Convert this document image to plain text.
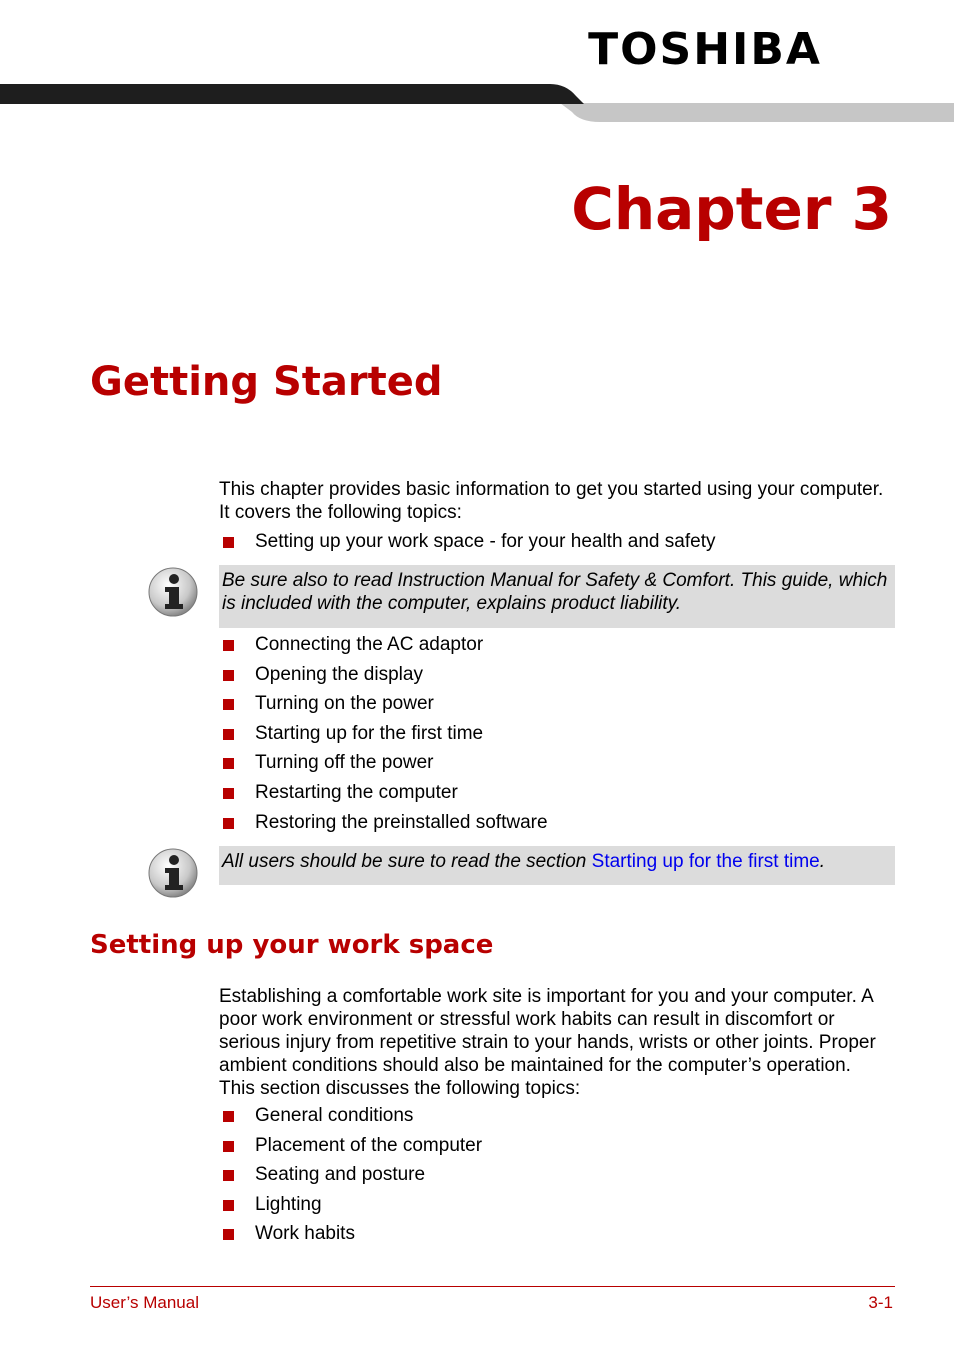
TOSHIBA
Chapter 3
Getting Started

This chapter provides basic information to get you started using your computer. It covers the following topics:

Setting up your work space - for your health and safety
Be sure also to read Instruction Manual for Safety & Comfort. This guide, which is included with the computer, explains product liability.
Connecting the AC adaptor
Opening the display
Turning on the power
Starting up for the first time
Turning off the power
Restarting the computer
Restoring the preinstalled software
All users should be sure to read the section Starting up for the first time.
Setting up your work space

Establishing a comfortable work site is important for you and your computer. A poor work environment or stressful work habits can result in discomfort or serious injury from repetitive strain to your hands, wrists or other joints. Proper ambient conditions should also be maintained for the computer’s operation. This section discusses the following topics:

General conditions
Placement of the computer
Seating and posture
Lighting
Work habits
User’s Manual	3-1
